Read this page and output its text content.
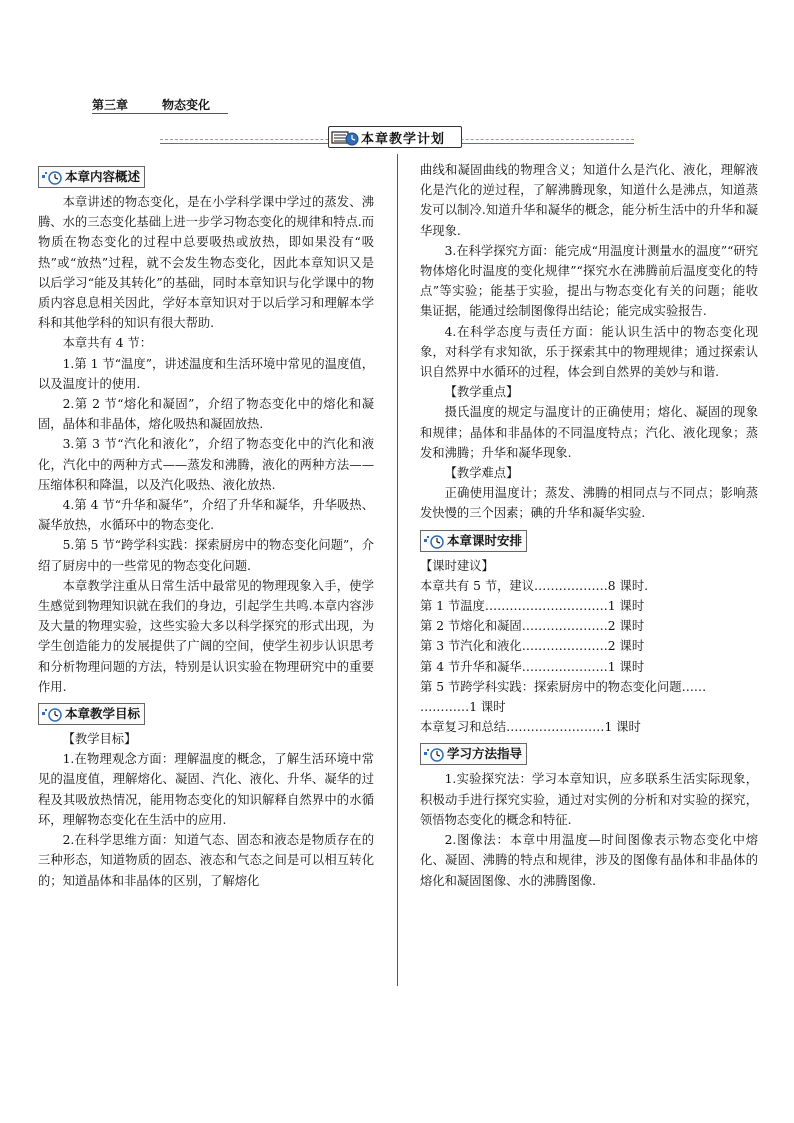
第三章	物态变化
本章教学计划
本章内容概述

本章讲述的物态变化，是在小学科学课中学过的蒸发、沸腾、水的三态变化基础上进一步学习物态变化的规律和特点.而物质在物态变化的过程中总要吸热或放热，即如果没有“吸热”或“放热”过程，就不会发生物态变化，因此本章知识又是以后学习“能及其转化”的基础，同时本章知识与化学课中的物质内容息息相关因此，学好本章知识对于以后学习和理解本学科和其他学科的知识有很大帮助.

本章共有 4 节：

1.第 1 节“温度”，讲述温度和生活环境中常见的温度值，以及温度计的使用.

2.第 2 节“熔化和凝固”，介绍了物态变化中的熔化和凝固，晶体和非晶体，熔化吸热和凝固放热.

3.第 3 节“汽化和液化”，介绍了物态变化中的汽化和液化，汽化中的两种方式——蒸发和沸腾，液化的两种方法——压缩体积和降温，以及汽化吸热、液化放热.

4.第 4 节“升华和凝华”，介绍了升华和凝华，升华吸热、凝华放热，水循环中的物态变化.

5.第 5 节“跨学科实践：探索厨房中的物态变化问题”，介绍了厨房中的一些常见的物态变化问题.

本章教学注重从日常生活中最常见的物理现象入手，使学生感觉到物理知识就在我们的身边，引起学生共鸣.本章内容涉及大量的物理实验，这些实验大多以科学探究的形式出现，为学生创造能力的发展提供了广阔的空间，使学生初步认识思考和分析物理问题的方法，特别是认识实验在物理研究中的重要作用.

本章教学目标

【教学目标】

1.在物理观念方面：理解温度的概念，了解生活环境中常见的温度值，理解熔化、凝固、汽化、液化、升华、凝华的过程及其吸放热情况，能用物态变化的知识解释自然界中的水循环，理解物态变化在生活中的应用.

2.在科学思维方面：知道气态、固态和液态是物质存在的三种形态，知道物质的固态、液态和气态之间是可以相互转化的；知道晶体和非晶体的区别，了解熔化

曲线和凝固曲线的物理含义；知道什么是汽化、液化，理解液化是汽化的逆过程，了解沸腾现象，知道什么是沸点，知道蒸发可以制冷.知道升华和凝华的概念，能分析生活中的升华和凝华现象.

3.在科学探究方面：能完成“用温度计测量水的温度”“研究物体熔化时温度的变化规律”“探究水在沸腾前后温度变化的特点”等实验；能基于实验，提出与物态变化有关的问题；能收集证据，能通过绘制图像得出结论；能完成实验报告.

4.在科学态度与责任方面：能认识生活中的物态变化现象，对科学有求知欲，乐于探索其中的物理规律；通过探索认识自然界中水循环的过程，体会到自然界的美妙与和谐.

【教学重点】

摄氏温度的规定与温度计的正确使用；熔化、凝固的现象和规律；晶体和非晶体的不同温度特点；汽化、液化现象；蒸发和沸腾；升华和凝华现象.

【教学难点】

正确使用温度计；蒸发、沸腾的相同点与不同点；影响蒸发快慢的三个因素；碘的升华和凝华实验.

本章课时安排

【课时建议】

本章共有 5 节，建议………………8 课时.

第 1 节温度…………………………1 课时

第 2 节熔化和凝固…………………2 课时

第 3 节汽化和液化…………………2 课时

第 4 节升华和凝华…………………1 课时

第 5 节跨学科实践：探索厨房中的物态变化问题……

…………1 课时

本章复习和总结……………………1 课时

学习方法指导

1.实验探究法：学习本章知识，应多联系生活实际现象，积极动手进行探究实验，通过对实例的分析和对实验的探究，领悟物态变化的概念和特征.

2.图像法：本章中用温度—时间图像表示物态变化中熔化、凝固、沸腾的特点和规律，涉及的图像有晶体和非晶体的熔化和凝固图像、水的沸腾图像.
